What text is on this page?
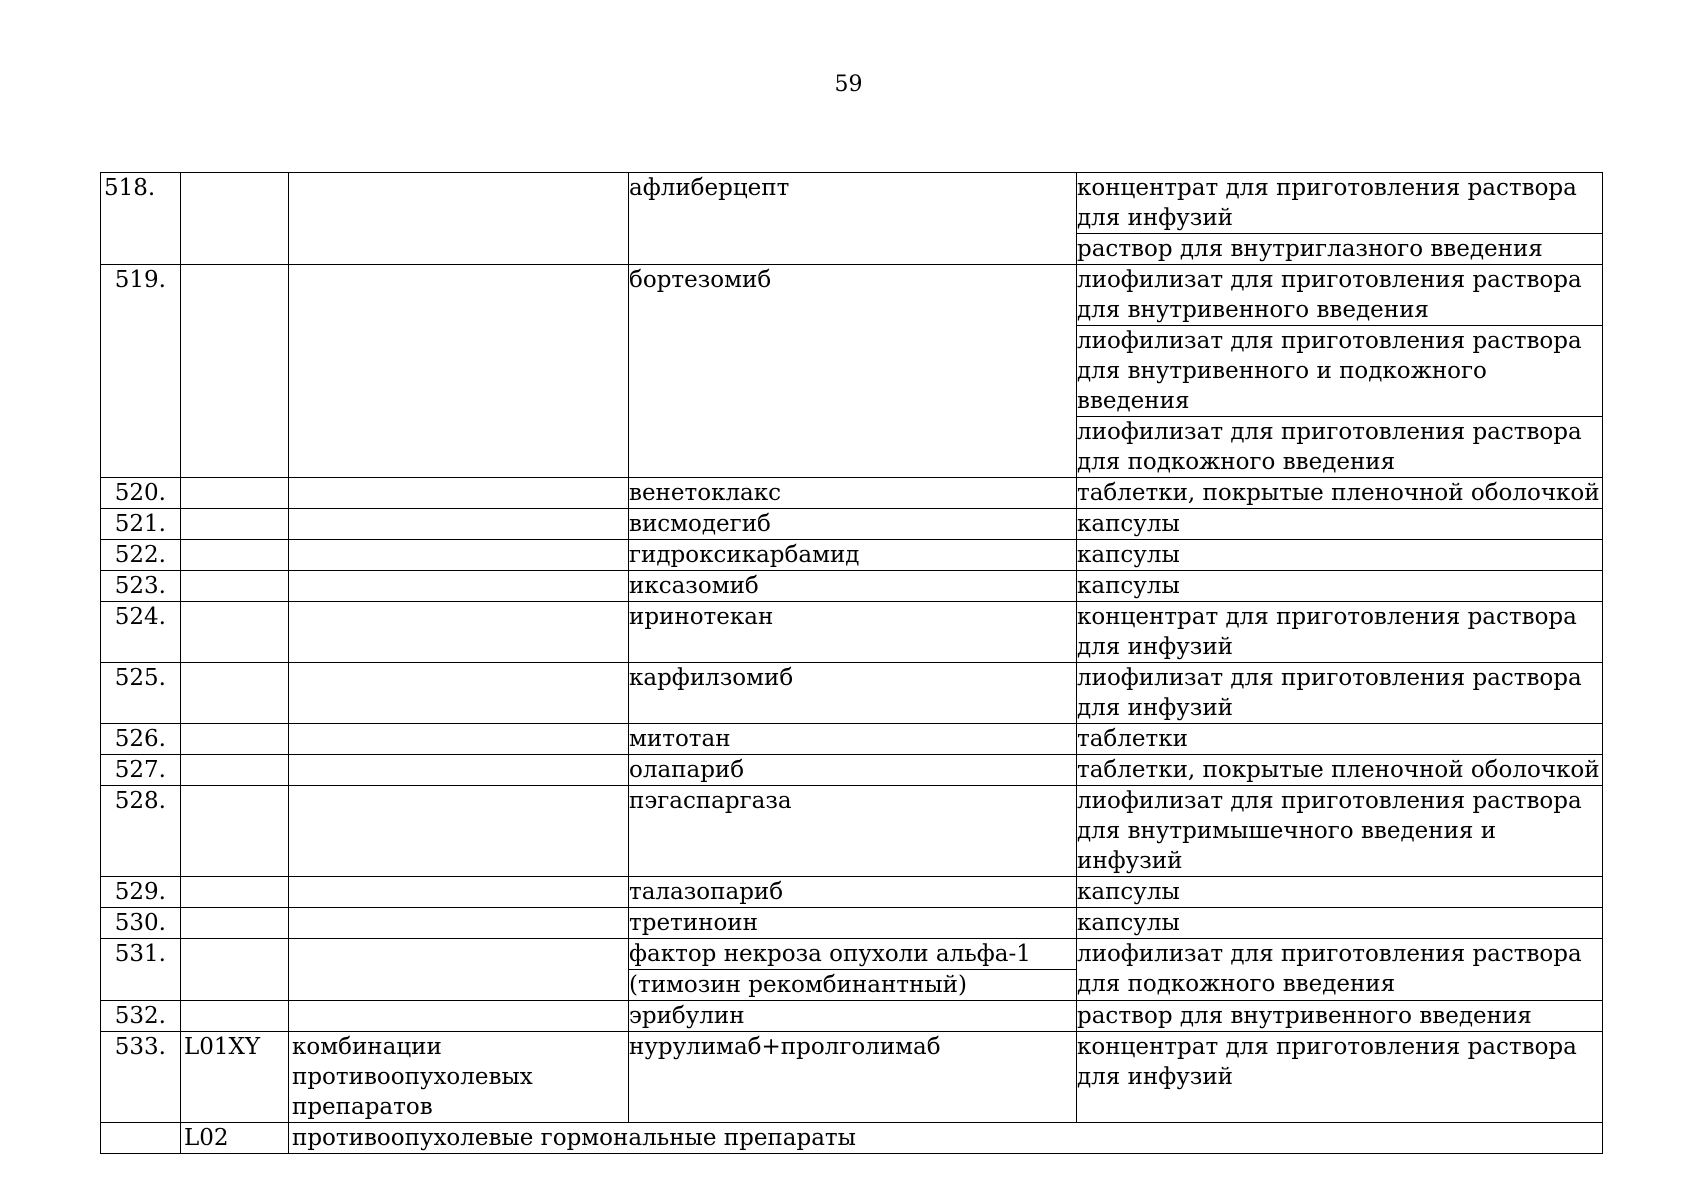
59
518.			афлиберцепт	концентрат для приготовления раствора для инфузий
раствор для внутриглазного введения

519.			бортезомиб	лиофилизат для приготовления раствора для внутривенного введения
лиофилизат для приготовления раствора для внутривенного и подкожного введения
лиофилизат для приготовления раствора для подкожного введения

520.			венетоклакс	таблетки, покрытые пленочной оболочкой

521.			висмодегиб	капсулы

522.			гидроксикарбамид	капсулы

523.			иксазомиб	капсулы

524.			иринотекан	концентрат для приготовления раствора для инфузий

525.			карфилзомиб	лиофилизат для приготовления раствора для инфузий

526.			митотан	таблетки

527.			олапариб	таблетки, покрытые пленочной оболочкой

528.			пэгаспаргаза	лиофилизат для приготовления раствора для внутримышечного введения и инфузий

529.			талазопариб	капсулы

530.			третиноин	капсулы

531.			фактор некроза опухоли альфа-1
(тимозин рекомбинантный)	лиофилизат для приготовления раствора для подкожного введения

532.			эрибулин	раствор для внутривенного введения

533.	L01XY	комбинации противоопухолевых препаратов	нурулимаб+пролголимаб	концентрат для приготовления раствора для инфузий

	L02	противоопухолевые гормональные препараты		
